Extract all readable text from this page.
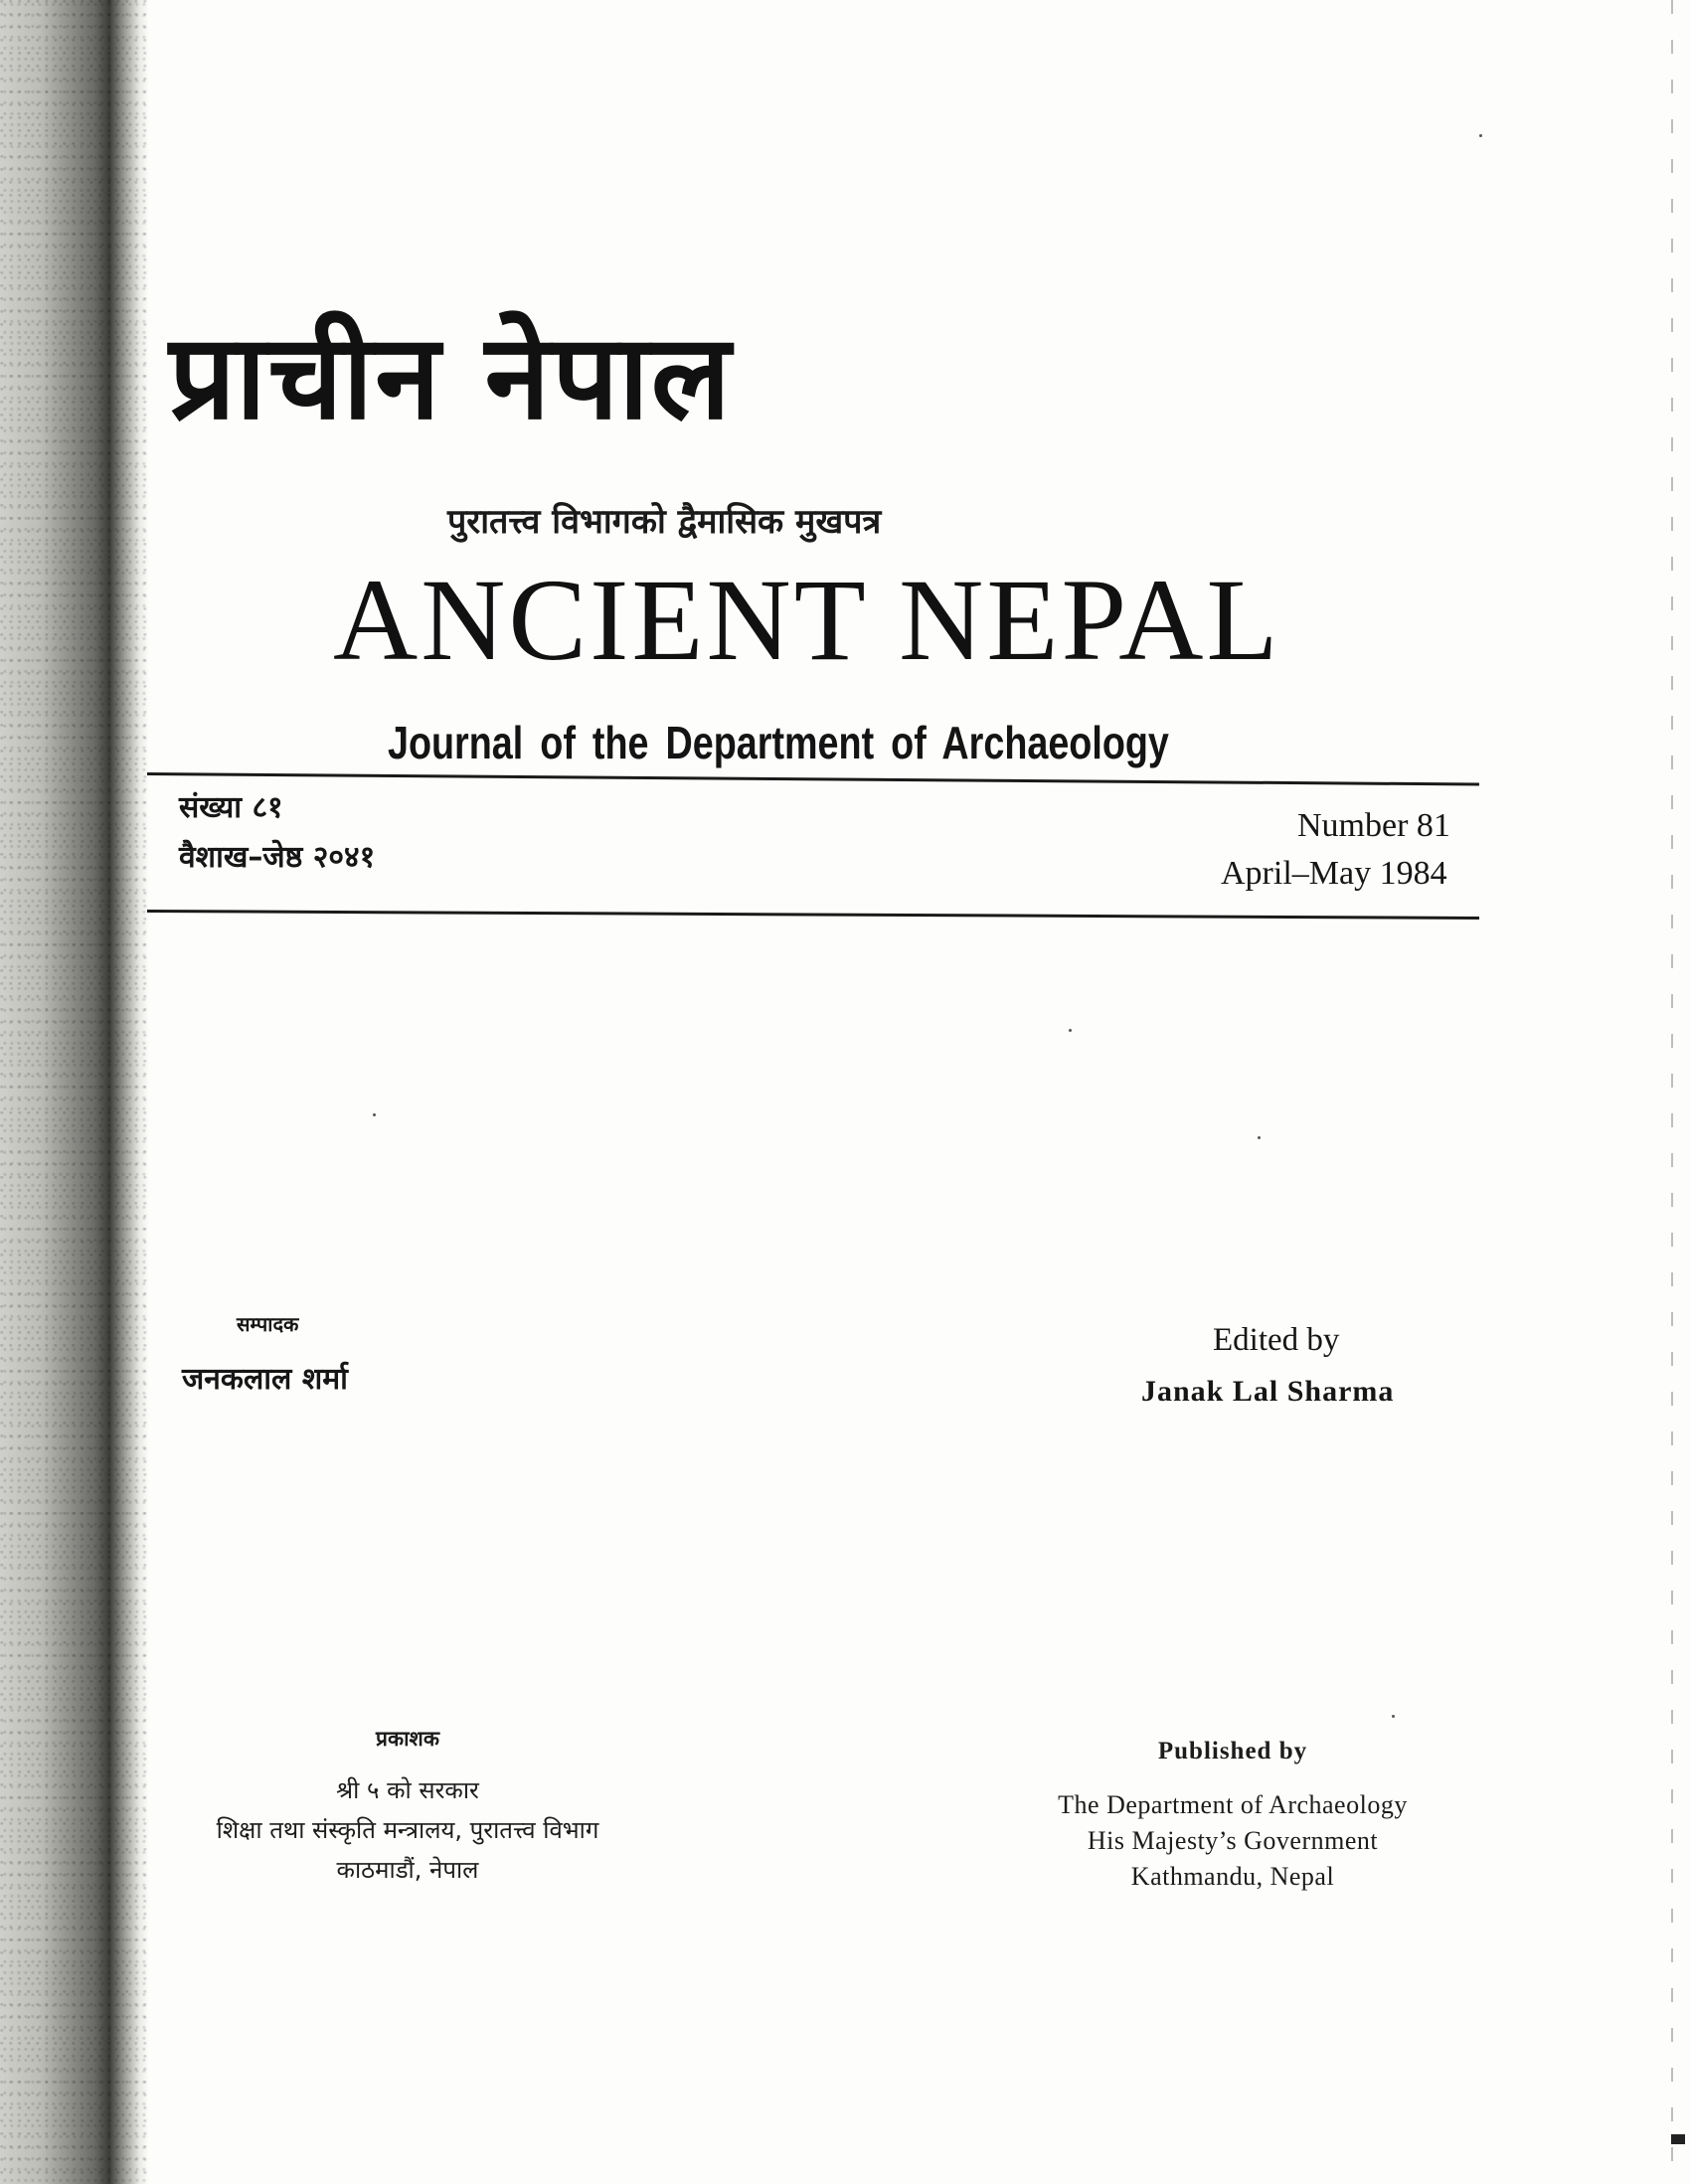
प्राचीन नेपाल
पुरातत्त्व विभागको द्वैमासिक मुखपत्र
ANCIENT NEPAL
Journal of the Department of Archaeology
संख्या ८१
वैशाख–जेष्ठ २०४१
Number 81
April–May 1984
सम्पादक
जनकलाल शर्मा
Edited by
Janak Lal Sharma
प्रकाशक
श्री ५ को सरकार
शिक्षा तथा संस्कृति मन्त्रालय, पुरातत्त्व विभाग
काठमाडौं, नेपाल
Published by
The Department of Archaeology
His Majesty’s Government
Kathmandu, Nepal
